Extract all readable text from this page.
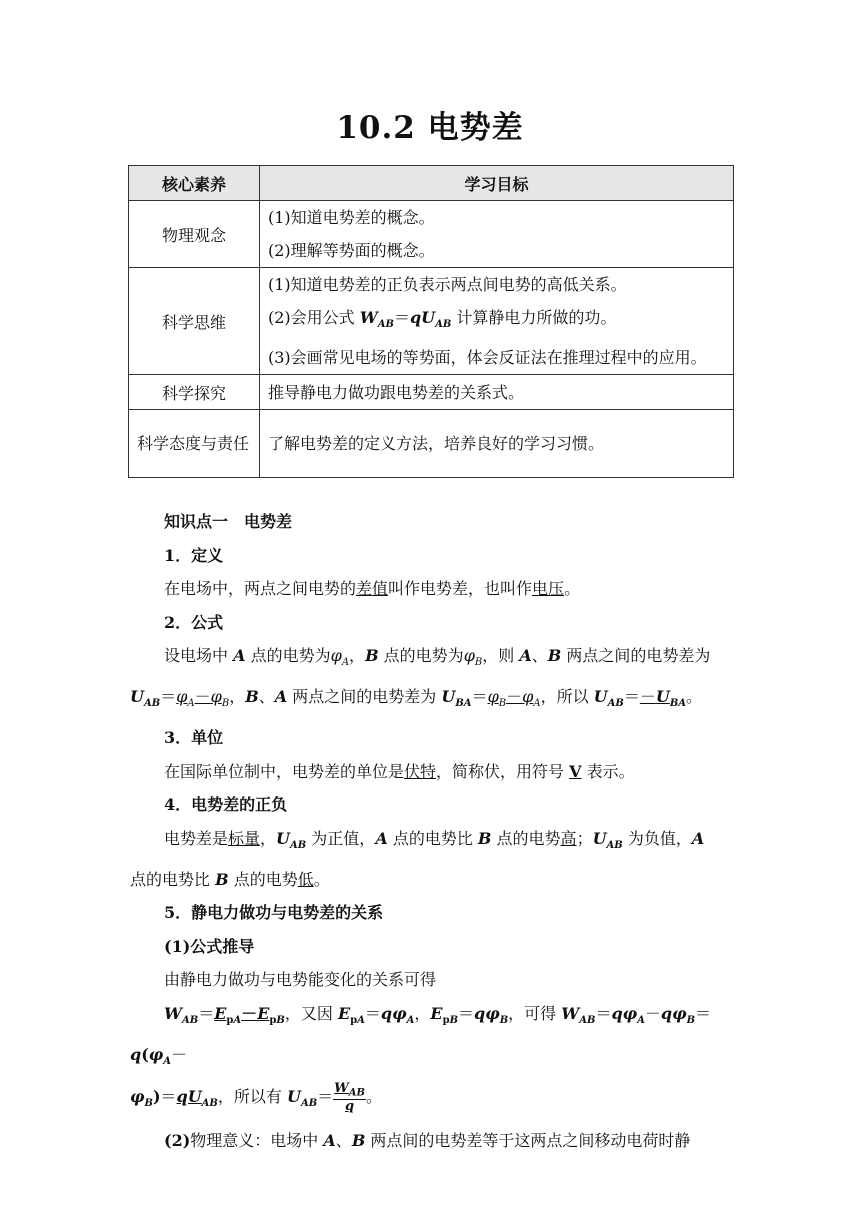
10.2 电势差
核心素养	学习目标
物理观念	(1)知道电势差的概念。
(2)理解等势面的概念。

科学思维	(1)知道电势差的正负表示两点间电势的高低关系。
(2)会用公式 $W_{AB}=qU_{AB}$ 计算静电力所做的功。
(3)会画常见电场的等势面，体会反证法在推理过程中的应用。

科学探究	推导静电力做功跟电势差的关系式。

科学态度与责任	了解电势差的定义方法，培养良好的学习习惯。

知识点一　电势差

1．定义

在电场中，两点之间电势的差值叫作电势差，也叫作电压。

2．公式

设电场中 A 点的电势为$\varphi_A$，B 点的电势为$\varphi_B$，则 A、B 两点之间的电势差为

$U_{AB}=\varphi_A-\varphi_B$，B、A 两点之间的电势差为 $U_{BA}=\varphi_B-\varphi_A$，所以 $U_{AB}=-U_{BA}$。

3．单位

在国际单位制中，电势差的单位是伏特，简称伏，用符号 V 表示。

4．电势差的正负

电势差是标量，$U_{AB}$ 为正值，A 点的电势比 B 点的电势高；$U_{AB}$ 为负值，A

点的电势比 B 点的电势低。

5．静电力做功与电势差的关系

(1)公式推导

由静电力做功与电势能变化的关系可得

$W_{AB}=E_{pA}-E_{pB}$，又因 $E_{pA}=q\varphi_A$，$E_{pB}=q\varphi_B$，可得 $W_{AB}=q\varphi_A-q\varphi_B=q(\varphi_A-$

$\varphi_B)=qU_{AB}$，所以有 $U_{AB}= \frac{W_{AB}}{q}$ 。

(2)物理意义：电场中 A、B 两点间的电势差等于这两点之间移动电荷时静
